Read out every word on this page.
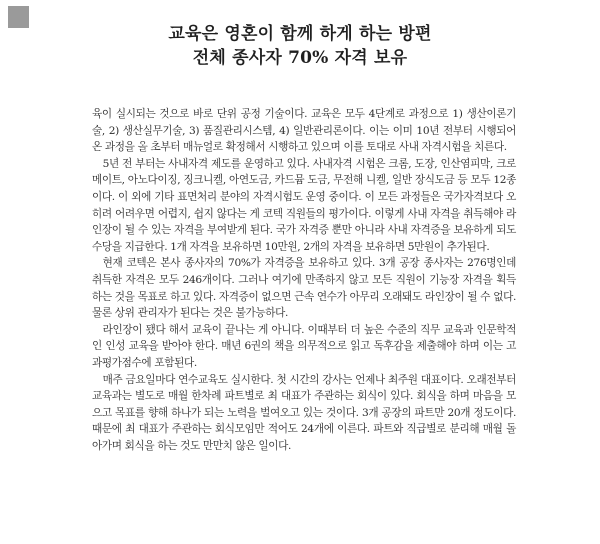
교육은 영혼이 함께 하게 하는 방편
전체 종사자 70% 자격 보유

육이 실시되는 것으로 바로 단위 공정 기술이다. 교육은 모두 4단계로 과정으로 1) 생산이론기술, 2) 생산실무기술, 3) 품질관리시스템, 4) 일반관리론이다. 이는 이미 10년 전부터 시행되어 온 과정을 올 초부터 매뉴얼로 확정해서 시행하고 있으며 이를 토대로 사내 자격시험을 치른다.

5년 전 부터는 사내자격 제도를 운영하고 있다. 사내자격 시험은 크롬, 도장, 인산염피막, 크로메이트, 아노다이징, 징크니켈, 아연도금, 카드뮴 도금, 무전해 니켈, 일반 장식도금 등 모두 12종이다. 이 외에 기타 표면처리 분야의 자격시험도 운영 중이다. 이 모든 과정들은 국가자격보다 오히려 어려우면 어렵지, 쉽지 않다는 게 코텍 직원들의 평가이다. 이렇게 사내 자격을 취득해야 라인장이 될 수 있는 자격을 부여받게 된다. 국가 자격증 뿐만 아니라 사내 자격증을 보유하게 되도 수당을 지급한다. 1개 자격을 보유하면 10만원, 2개의 자격을 보유하면 5만원이 추가된다.

현재 코텍은 본사 종사자의 70%가 자격증을 보유하고 있다. 3개 공장 종사자는 276명인데 취득한 자격은 모두 246개이다. 그러나 여기에 만족하지 않고 모든 직원이 기능장 자격을 획득하는 것을 목표로 하고 있다. 자격증이 없으면 근속 연수가 아무리 오래돼도 라인장이 될 수 없다. 물론 상위 관리자가 된다는 것은 불가능하다.

라인장이 됐다 해서 교육이 끝나는 게 아니다. 이때부터 더 높은 수준의 직무 교육과 인문학적인 인성 교육을 받아야 한다. 매년 6권의 책을 의무적으로 읽고 독후감을 제출해야 하며 이는 고과평가점수에 포함된다.

매주 금요일마다 연수교육도 실시한다. 첫 시간의 강사는 언제나 최주원 대표이다. 오래전부터 교육과는 별도로 매월 한차례 파트별로 최 대표가 주관하는 회식이 있다. 회식을 하며 마음을 모으고 목표를 향해 하나가 되는 노력을 벌여오고 있는 것이다. 3개 공장의 파트만 20개 정도이다. 때문에 최 대표가 주관하는 회식모임만 적어도 24개에 이른다. 파트와 직급별로 분리해 매월 돌아가며 회식을 하는 것도 만만치 않은 일이다.
